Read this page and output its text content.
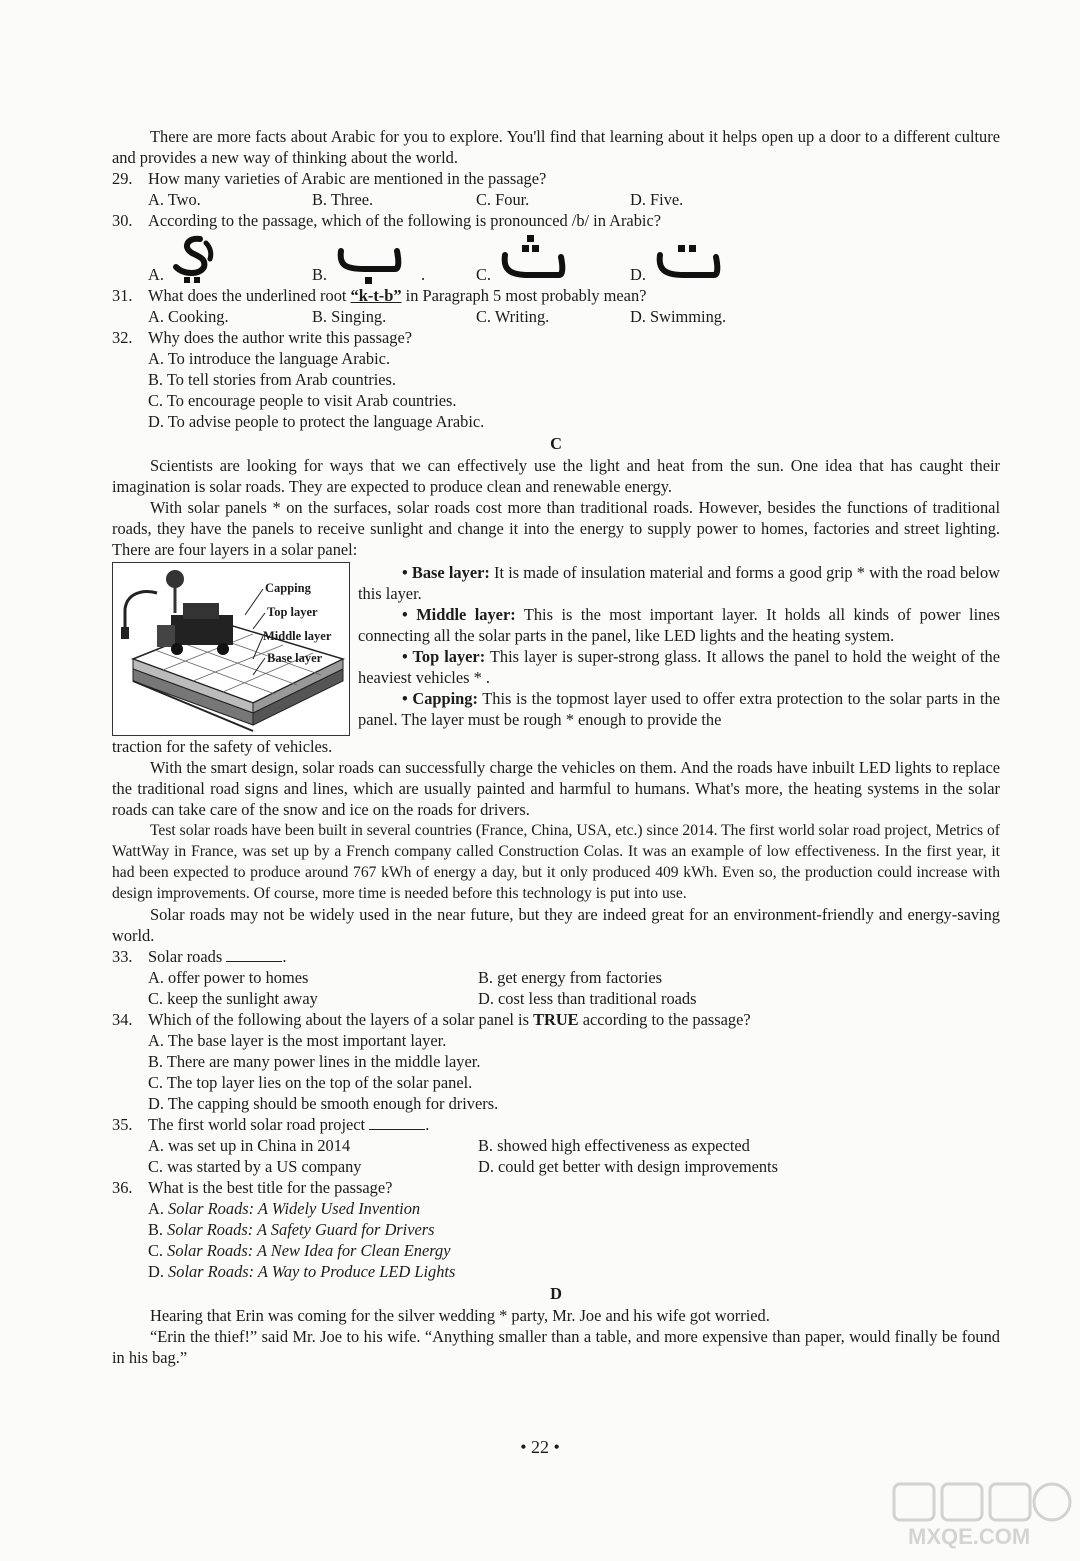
There are more facts about Arabic for you to explore. You'll find that learning about it helps open up a door to a different culture and provides a new way of thinking about the world.

29. How many varieties of Arabic are mentioned in the passage?
A. Two.	B. Three.	C. Four.	D. Five.
30. According to the passage, which of the following is pronounced /b/ in Arabic?
A.	B.	.	C.	D.
31. What does the underlined root “k-t-b” in Paragraph 5 most probably mean?
A. Cooking.	B. Singing.	C. Writing.	D. Swimming.
32. Why does the author write this passage?
A. To introduce the language Arabic.
B. To tell stories from Arab countries.
C. To encourage people to visit Arab countries.
D. To advise people to protect the language Arabic.
C

Scientists are looking for ways that we can effectively use the light and heat from the sun. One idea that has caught their imagination is solar roads. They are expected to produce clean and renewable energy.

With solar panels * on the surfaces, solar roads cost more than traditional roads. However, besides the functions of traditional roads, they have the panels to receive sunlight and change it into the energy to supply power to homes, factories and street lighting. There are four layers in a solar panel:

Capping
Top layer
Middle layer
Base layer

• Base layer: It is made of insulation material and forms a good grip * with the road below this layer.

• Middle layer: This is the most important layer. It holds all kinds of power lines connecting all the solar parts in the panel, like LED lights and the heating system.

• Top layer: This layer is super-strong glass. It allows the panel to hold the weight of the heaviest vehicles * .

• Capping: This is the topmost layer used to offer extra protection to the solar parts in the panel. The layer must be rough * enough to provide the

traction for the safety of vehicles.

With the smart design, solar roads can successfully charge the vehicles on them. And the roads have inbuilt LED lights to replace the traditional road signs and lines, which are usually painted and harmful to humans. What's more, the heating systems in the solar roads can take care of the snow and ice on the roads for drivers.

Test solar roads have been built in several countries (France, China, USA, etc.) since 2014. The first world solar road project, Metrics of WattWay in France, was set up by a French company called Construction Colas. It was an example of low effectiveness. In the first year, it had been expected to produce around 767 kWh of energy a day, but it only produced 409 kWh. Even so, the production could increase with design improvements. Of course, more time is needed before this technology is put into use.

Solar roads may not be widely used in the near future, but they are indeed great for an environment-friendly and energy-saving world.

33. Solar roads	.
A. offer power to homes	B. get energy from factories
C. keep the sunlight away	D. cost less than traditional roads
34. Which of the following about the layers of a solar panel is TRUE according to the passage?
A. The base layer is the most important layer.
B. There are many power lines in the middle layer.
C. The top layer lies on the top of the solar panel.
D. The capping should be smooth enough for drivers.
35. The first world solar road project	.
A. was set up in China in 2014	B. showed high effectiveness as expected
C. was started by a US company	D. could get better with design improvements
36. What is the best title for the passage?
A. Solar Roads: A Widely Used Invention
B. Solar Roads: A Safety Guard for Drivers
C. Solar Roads: A New Idea for Clean Energy
D. Solar Roads: A Way to Produce LED Lights
D

Hearing that Erin was coming for the silver wedding * party, Mr. Joe and his wife got worried.

“Erin the thief!” said Mr. Joe to his wife. “Anything smaller than a table, and more expensive than paper, would finally be found in his bag.”

• 22 •
MXQE.COM
